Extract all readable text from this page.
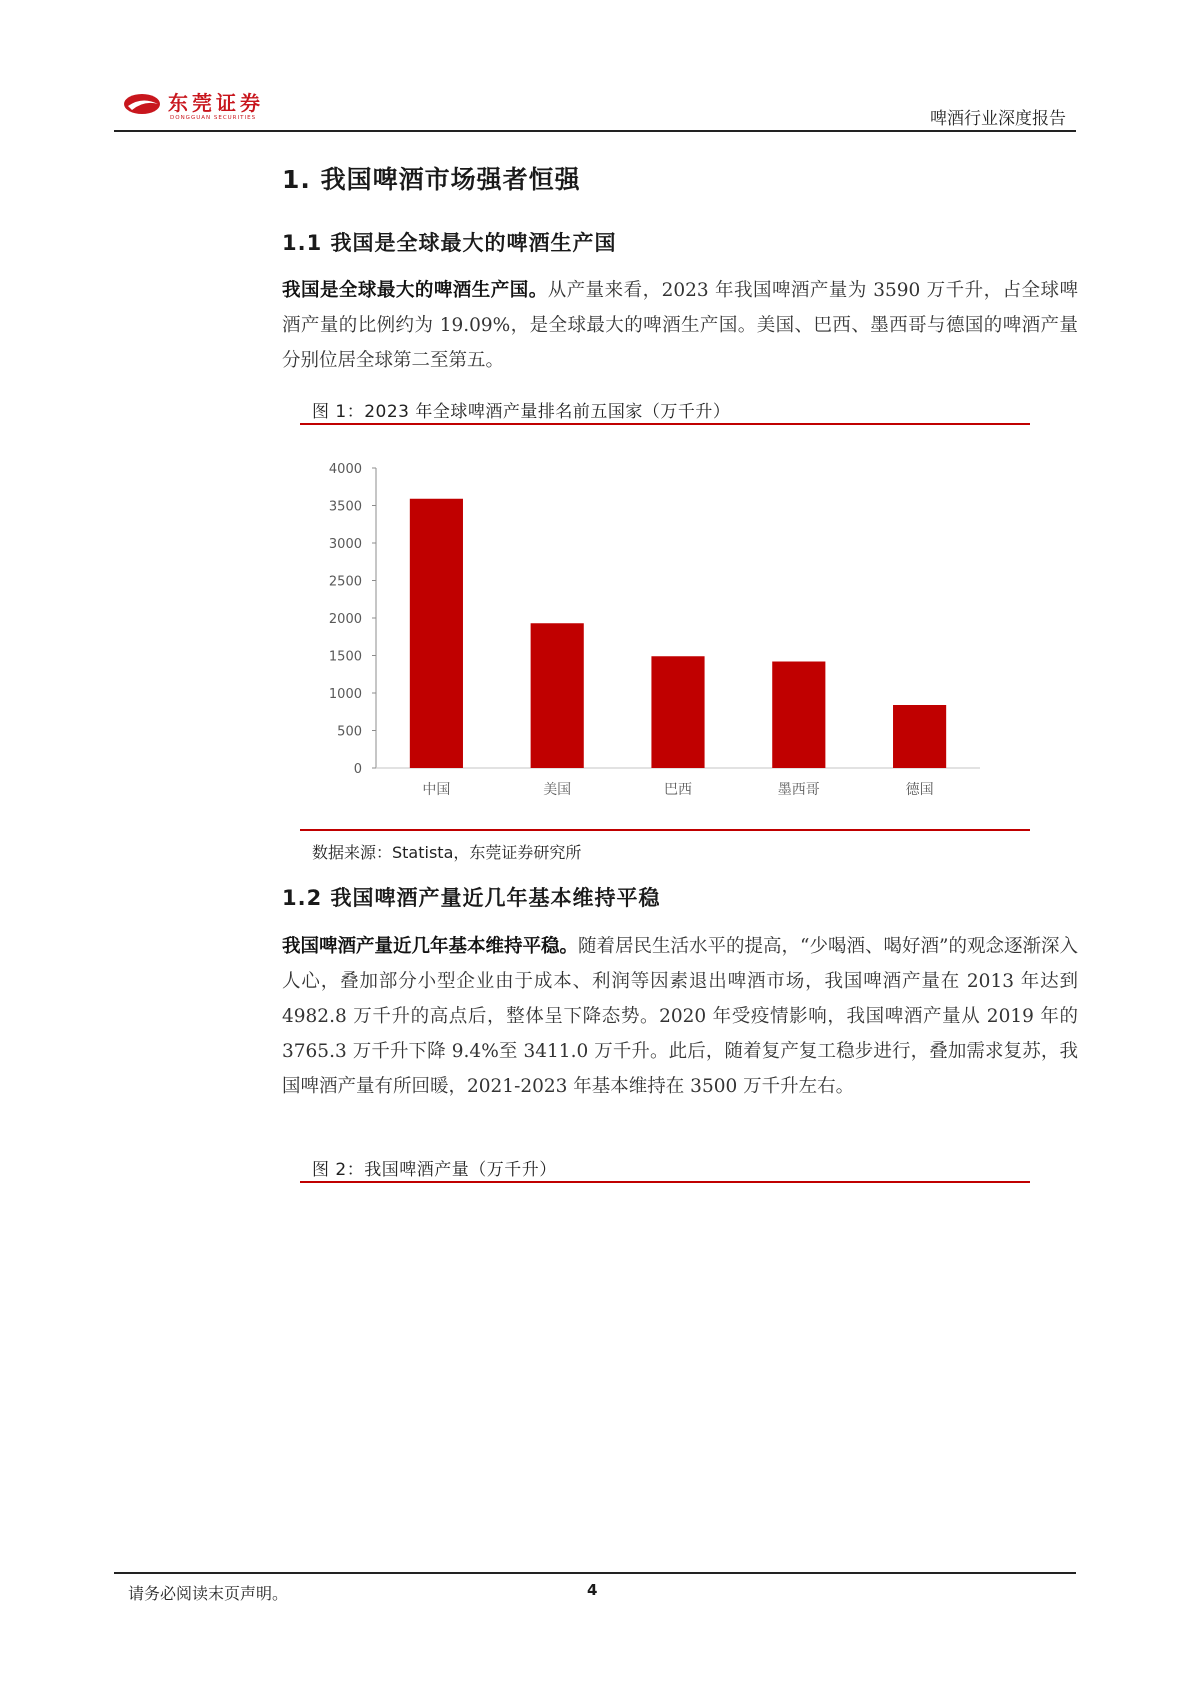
东莞证券
DONGGUAN SECURITIES	啤酒行业深度报告
1. 我国啤酒市场强者恒强
1.1 我国是全球最大的啤酒生产国

我国是全球最大的啤酒生产国。从产量来看，2023 年我国啤酒产量为 3590 万千升，占全球啤酒产量的比例约为 19.09%，是全球最大的啤酒生产国。美国、巴西、墨西哥与德国的啤酒产量分别位居全球第二至第五。

图 1：2023 年全球啤酒产量排名前五国家（万千升）
0
500
1000
1500
2000
2500
3000
3500
4000
中国	美国	巴西	墨西哥	德国
数据来源：Statista，东莞证券研究所
1.2 我国啤酒产量近几年基本维持平稳

我国啤酒产量近几年基本维持平稳。随着居民生活水平的提高，“少喝酒、喝好酒”的观念逐渐深入人心，叠加部分小型企业由于成本、利润等因素退出啤酒市场，我国啤酒产量在 2013 年达到 4982.8 万千升的高点后，整体呈下降态势。2020 年受疫情影响，我国啤酒产量从 2019 年的 3765.3 万千升下降 9.4%至 3411.0 万千升。此后，随着复产复工稳步进行，叠加需求复苏，我国啤酒产量有所回暖，2021-2023 年基本维持在 3500 万千升左右。

图 2：我国啤酒产量（万千升）
请务必阅读末页声明。	4
